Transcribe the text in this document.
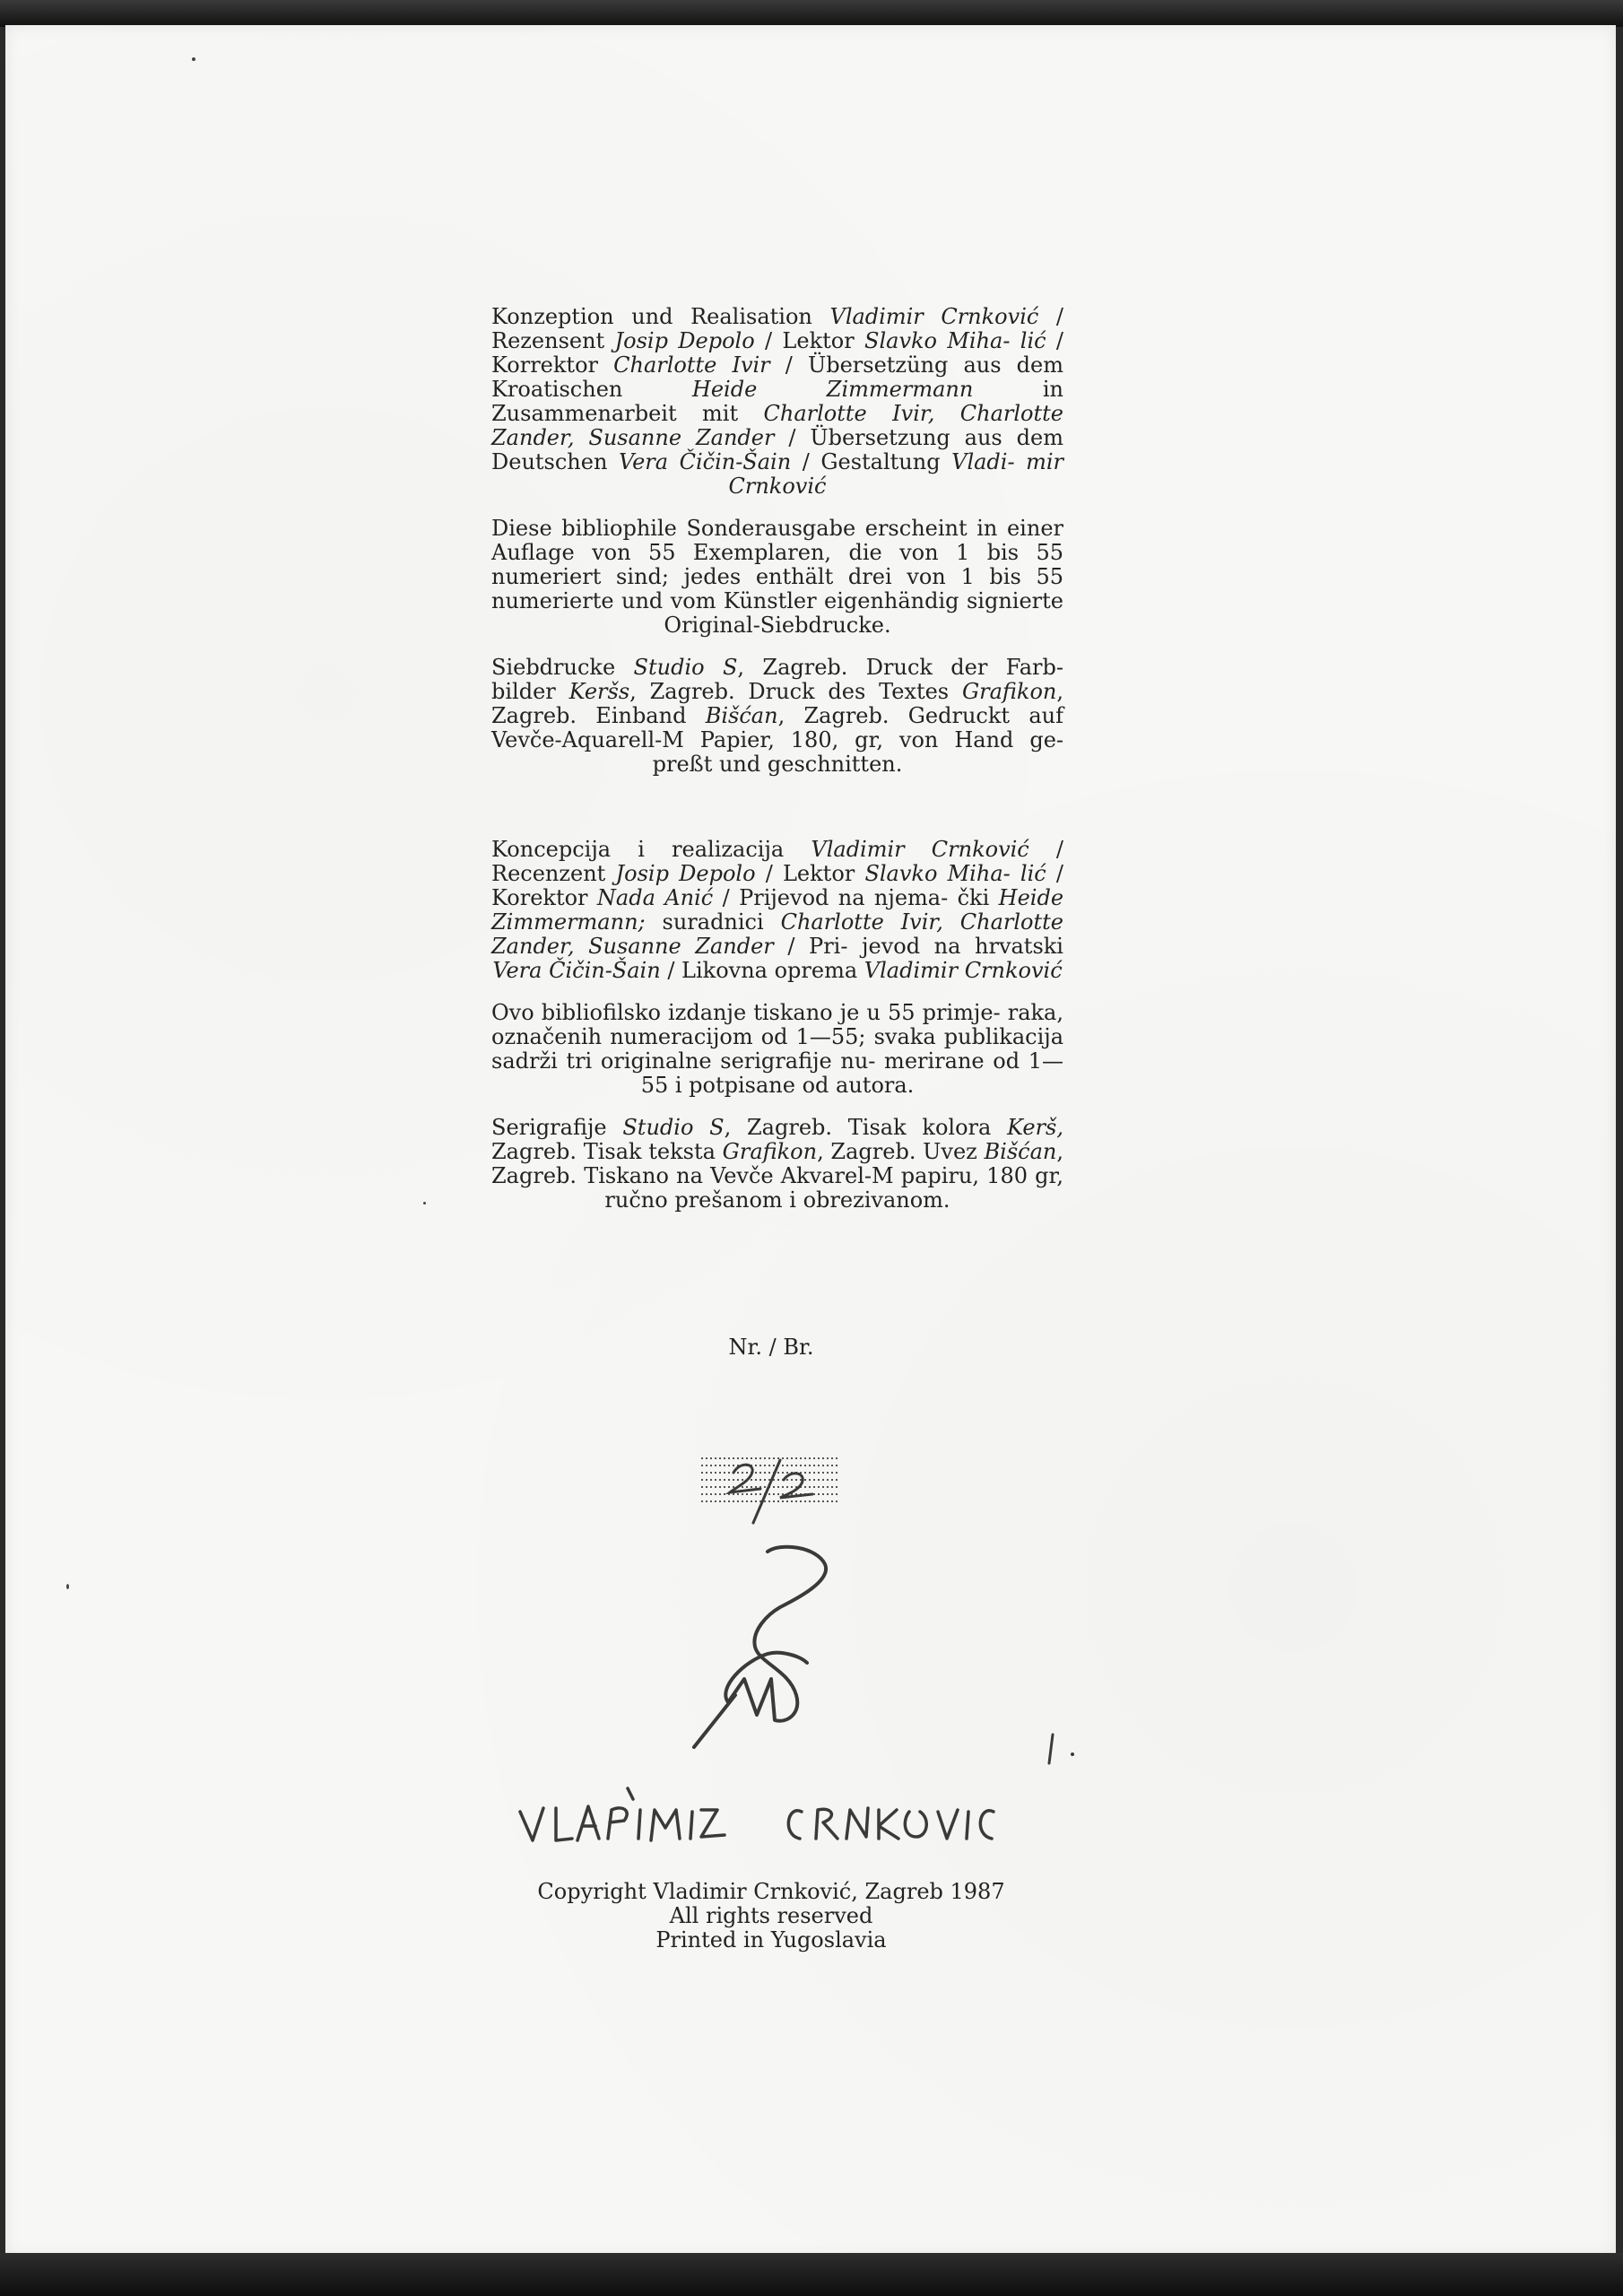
Konzeption und Realisation Vladimir Crnković / Rezensent Josip Depolo / Lektor Slavko Miha- lić / Korrektor Charlotte Ivir / Übersetzüng aus dem Kroatischen Heide Zimmermann in Zusammenarbeit mit Charlotte Ivir, Charlotte Zander, Susanne Zander / Übersetzung aus dem Deutschen Vera Čičin-Šain / Gestaltung Vladi- mir Crnković

Diese bibliophile Sonderausgabe erscheint in einer Auflage von 55 Exemplaren, die von 1 bis 55 numeriert sind; jedes enthält drei von 1 bis 55 numerierte und vom Künstler eigenhändig signierte Original-Siebdrucke.

Siebdrucke Studio S, Zagreb. Druck der Farb- bilder Keršs, Zagreb. Druck des Textes Grafikon, Zagreb. Einband Bišćan, Zagreb. Gedruckt auf Vevče-Aquarell-M Papier, 180, gr, von Hand ge- preßt und geschnitten.

Koncepcija i realizacija Vladimir Crnković / Recenzent Josip Depolo / Lektor Slavko Miha- lić / Korektor Nada Anić / Prijevod na njema- čki Heide Zimmermann; suradnici Charlotte Ivir, Charlotte Zander, Susanne Zander / Pri- jevod na hrvatski Vera Čičin-Šain / Likovna oprema Vladimir Crnković

Ovo bibliofilsko izdanje tiskano je u 55 primje- raka, označenih numeracijom od 1—55; svaka publikacija sadrži tri originalne serigrafije nu- merirane od 1—55 i potpisane od autora.

Serigrafije Studio S, Zagreb. Tisak kolora Kerš, Zagreb. Tisak teksta Grafikon, Zagreb. Uvez Bišćan, Zagreb. Tiskano na Vevče Akvarel-M papiru, 180 gr, ručno prešanom i obrezivanom.

Nr. / Br.
Copyright Vladimir Crnković, Zagreb 1987
All rights reserved
Printed in Yugoslavia
